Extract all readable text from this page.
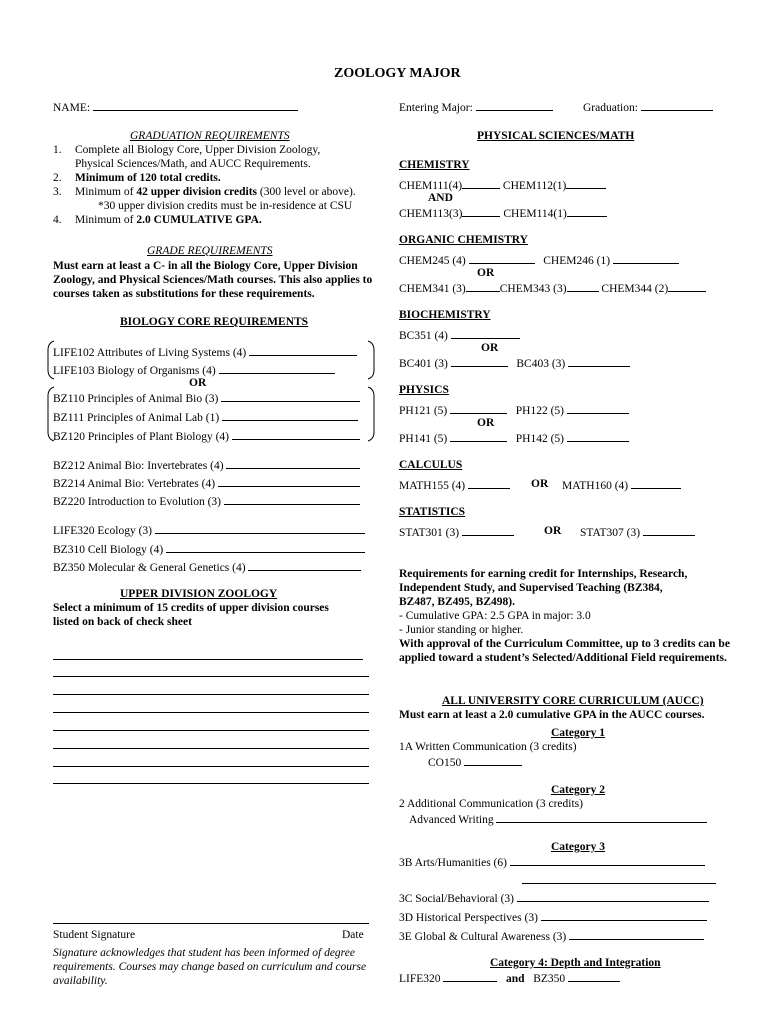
ZOOLOGY MAJOR
NAME:	Entering Major:	Graduation:
GRADUATION REQUIREMENTS
1. Complete all Biology Core, Upper Division Zoology,
Physical Sciences/Math, and AUCC Requirements.
2. Minimum of 120 total credits.
3. Minimum of 42 upper division credits (300 level or above).
*30 upper division credits must be in-residence at CSU
4. Minimum of 2.0 CUMULATIVE GPA.
GRADE REQUIREMENTS
Must earn at least a C- in all the Biology Core, Upper Division
Zoology, and Physical Sciences/Math courses. This also applies to
courses taken as substitutions for these requirements.
BIOLOGY CORE REQUIREMENTS
LIFE102 Attributes of Living Systems (4)
LIFE103 Biology of Organisms (4)
OR
BZ110 Principles of Animal Bio (3)
BZ111 Principles of Animal Lab (1)
BZ120 Principles of Plant Biology (4)
BZ212 Animal Bio: Invertebrates (4)
BZ214 Animal Bio: Vertebrates (4)
BZ220 Introduction to Evolution (3)
LIFE320 Ecology (3)
BZ310 Cell Biology (4)
BZ350 Molecular & General Genetics (4)
UPPER DIVISION ZOOLOGY
Select a minimum of 15 credits of upper division courses
listed on back of check sheet
Student Signature	Date
Signature acknowledges that student has been informed of degree
requirements. Courses may change based on curriculum and course
availability.
PHYSICAL SCIENCES/MATH
CHEMISTRY
CHEM111(4)	CHEM112(1)
AND
CHEM113(3)	CHEM114(1)
ORGANIC CHEMISTRY
CHEM245 (4)	CHEM246 (1)
OR
CHEM341 (3)	CHEM343 (3)	CHEM344 (2)
BIOCHEMISTRY
BC351 (4)
OR
BC401 (3)	BC403 (3)
PHYSICS
PH121 (5)	PH122 (5)
OR
PH141 (5)	PH142 (5)
CALCULUS
MATH155 (4)	OR MATH160 (4)
STATISTICS
STAT301 (3)	OR STAT307 (3)
Requirements for earning credit for Internships, Research,
Independent Study, and Supervised Teaching (BZ384,
BZ487, BZ495, BZ498).
- Cumulative GPA: 2.5 GPA in major: 3.0
- Junior standing or higher.
With approval of the Curriculum Committee, up to 3 credits can be
applied toward a student’s Selected/Additional Field requirements.
ALL UNIVERSITY CORE CURRICULUM (AUCC)
Must earn at least a 2.0 cumulative GPA in the AUCC courses.
Category 1
1A Written Communication (3 credits)
CO150
Category 2
2 Additional Communication (3 credits)
Advanced Writing
Category 3
3B Arts/Humanities (6)
3C Social/Behavioral (3)
3D Historical Perspectives (3)
3E Global & Cultural Awareness (3)
Category 4: Depth and Integration
LIFE320	and BZ350
